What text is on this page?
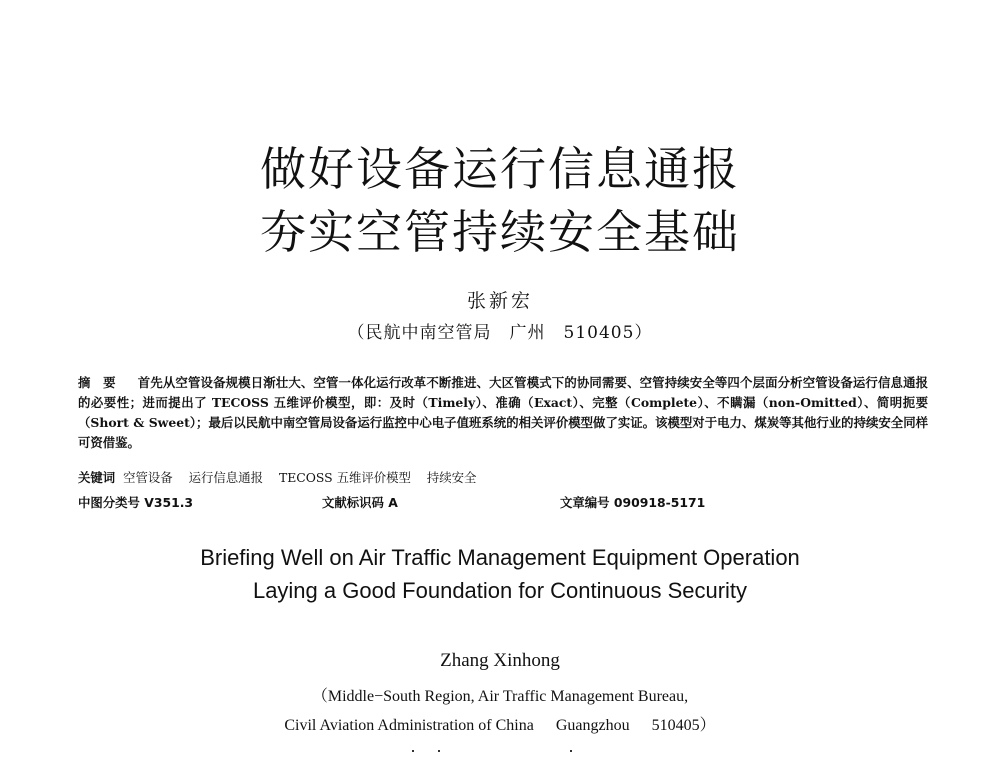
做好设备运行信息通报
夯实空管持续安全基础
张新宏
（民航中南空管局 广州 510405）
摘　要 首先从空管设备规模日渐壮大、空管一体化运行改革不断推进、大区管模式下的协同需要、空管持续安全等四个层面分析空管设备运行信息通报的必要性；进而提出了 TECOSS 五维评价模型，即：及时（Timely）、准确（Exact）、完整（Complete）、不瞒漏（non-Omitted）、简明扼要（Short & Sweet）；最后以民航中南空管局设备运行监控中心电子值班系统的相关评价模型做了实证。该模型对于电力、煤炭等其他行业的持续安全同样可资借鉴。
关键词 空管设备 运行信息通报 TECOSS 五维评价模型 持续安全
中图分类号 V351.3	文献标识码 A	文章编号 090918-5171
Briefing Well on Air Traffic Management Equipment Operation
Laying a Good Foundation for Continuous Security
Zhang Xinhong
（Middle−South Region, Air Traffic Management Bureau,
Civil Aviation Administration of China Guangzhou 510405）
